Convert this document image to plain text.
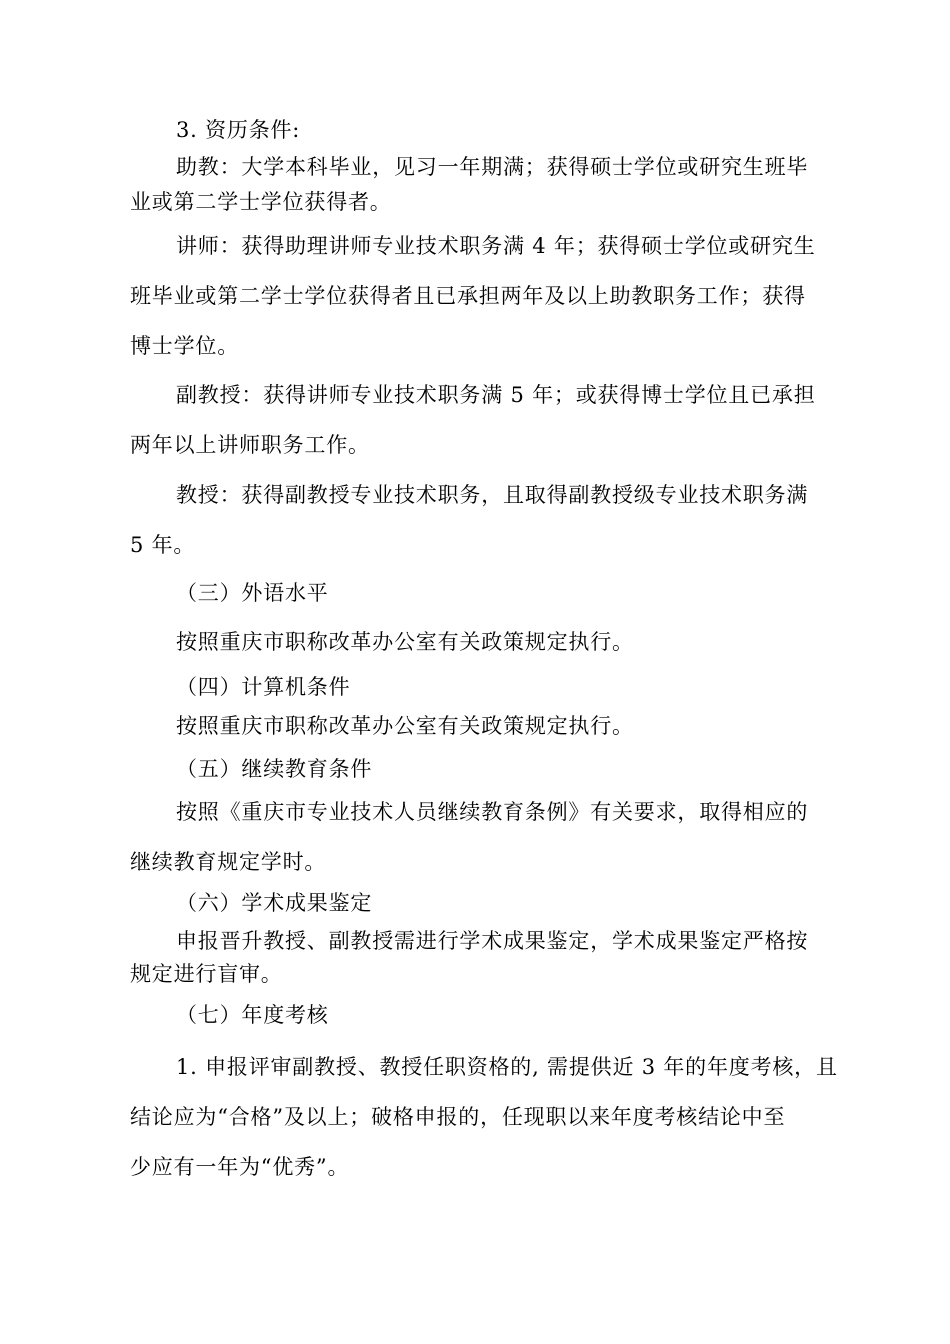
3. 资历条件:
助教：大学本科毕业，见习一年期满；获得硕士学位或研究生班毕
业或第二学士学位获得者。
讲师：获得助理讲师专业技术职务满 4 年；获得硕士学位或研究生
班毕业或第二学士学位获得者且已承担两年及以上助教职务工作；获得
博士学位。
副教授：获得讲师专业技术职务满 5 年；或获得博士学位且已承担
两年以上讲师职务工作。
教授：获得副教授专业技术职务，且取得副教授级专业技术职务满
5 年。
（三）外语水平
按照重庆市职称改革办公室有关政策规定执行。
（四）计算机条件
按照重庆市职称改革办公室有关政策规定执行。
（五）继续教育条件
按照《重庆市专业技术人员继续教育条例》有关要求，取得相应的
继续教育规定学时。
（六）学术成果鉴定
申报晋升教授、副教授需进行学术成果鉴定，学术成果鉴定严格按
规定进行盲审。
（七）年度考核
1. 申报评审副教授、教授任职资格的, 需提供近 3 年的年度考核，且
结论应为“合格”及以上；破格申报的，任现职以来年度考核结论中至
少应有一年为“优秀”。
